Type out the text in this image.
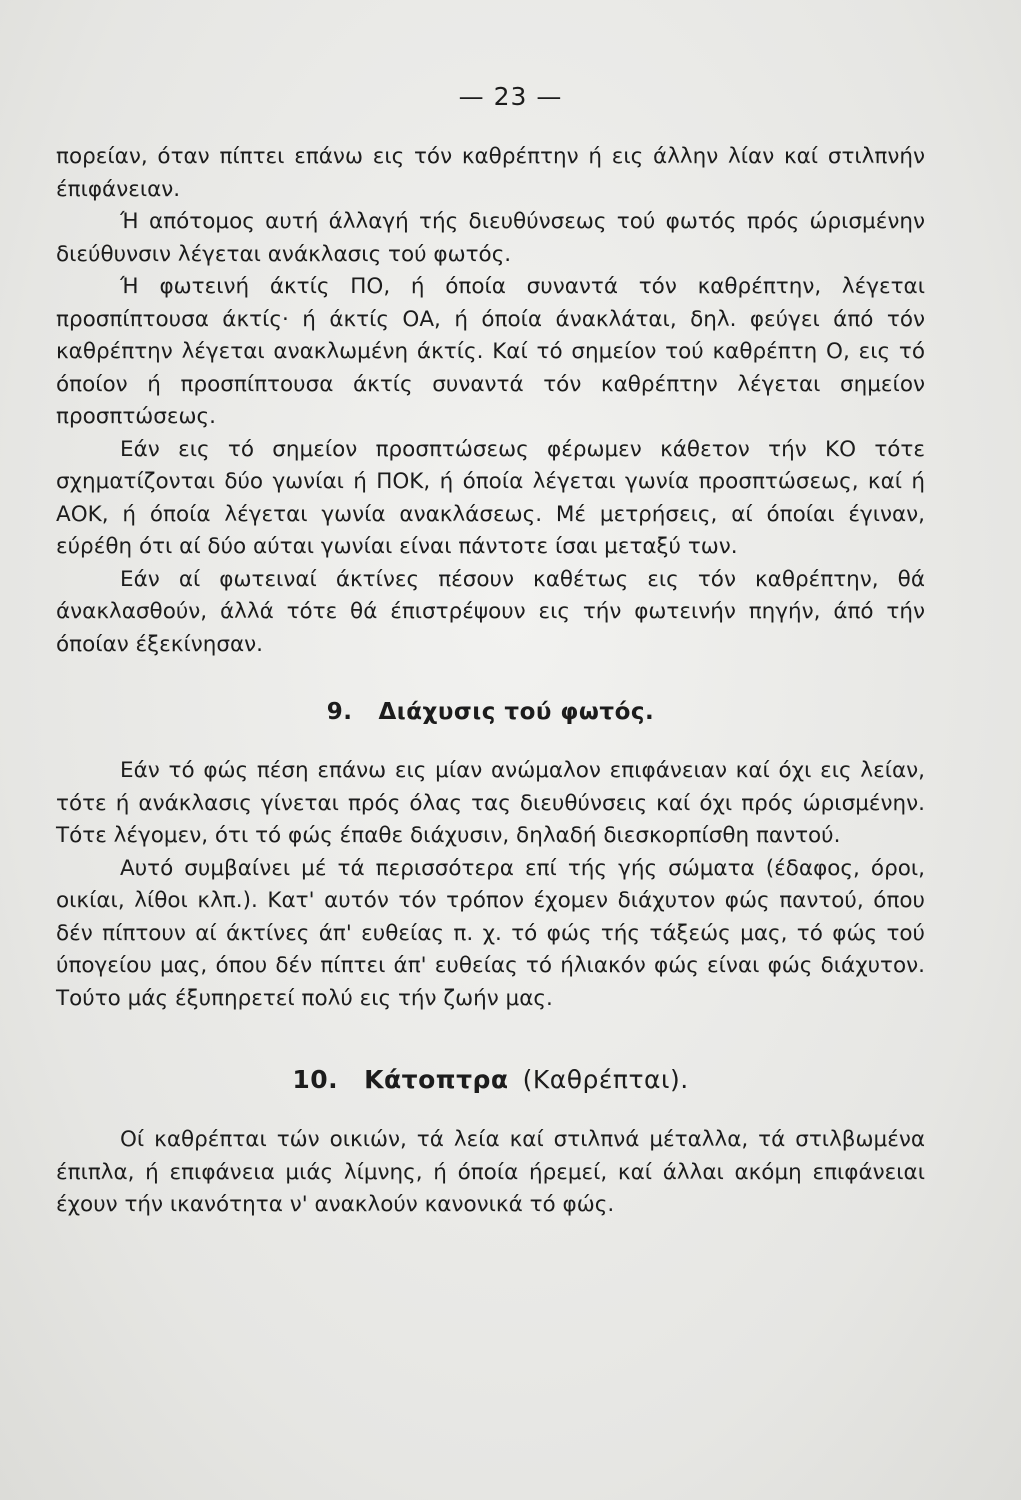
— 23 —

πορείαν, όταν πίπτει επάνω εις τόν καθρέπτην ή εις άλλην λίαν καί στιλπνήν έπιφάνειαν.

Ή απότομος αυτή άλλαγή τής διευθύνσεως τού φωτός πρός ώρισμένην διεύθυνσιν λέγεται ανάκλασις τού φωτός.

Ή φωτεινή άκτίς ΠΟ, ή όποία συναντά τόν καθρέπτην, λέγεται προσπίπτουσα άκτίς· ή άκτίς ΟΑ, ή όποία άνακλάται, δηλ. φεύγει άπό τόν καθρέπτην λέγεται ανακλωμένη άκτίς. Καί τό σημείον τού καθρέπτη Ο, εις τό όποίον ή προσπίπτουσα άκτίς συναντά τόν καθρέπτην λέγεται σημείον προσπτώσεως.

Εάν εις τό σημείον προσπτώσεως φέρωμεν κάθετον τήν ΚΟ τότε σχηματίζονται δύο γωνίαι ή ΠΟΚ, ή όποία λέγεται γωνία προσπτώσεως, καί ή ΑΟΚ, ή όποία λέγεται γωνία ανακλάσεως. Μέ μετρήσεις, αί όποίαι έγιναν, εύρέθη ότι αί δύο αύται γωνίαι είναι πάντοτε ίσαι μεταξύ των.

Εάν αί φωτειναί άκτίνες πέσουν καθέτως εις τόν καθρέπτην, θά άνακλασθούν, άλλά τότε θά έπιστρέψουν εις τήν φωτεινήν πηγήν, άπό τήν όποίαν έξεκίνησαν.

9. Διάχυσις τού φωτός.

Εάν τό φώς πέση επάνω εις μίαν ανώμαλον επιφάνειαν καί όχι εις λείαν, τότε ή ανάκλασις γίνεται πρός όλας τας διευθύνσεις καί όχι πρός ώρισμένην. Τότε λέγομεν, ότι τό φώς έπαθε διάχυσιν, δηλαδή διεσκορπίσθη παντού.

Αυτό συμβαίνει μέ τά περισσότερα επί τής γής σώματα (έδαφος, όροι, οικίαι, λίθοι κλπ.). Κατ' αυτόν τόν τρόπον έχομεν διάχυτον φώς παντού, όπου δέν πίπτουν αί άκτίνες άπ' ευθείας π. χ. τό φώς τής τάξεώς μας, τό φώς τού ύπογείου μας, όπου δέν πίπτει άπ' ευθείας τό ήλιακόν φώς είναι φώς διάχυτον. Τούτο μάς έξυπηρετεί πολύ εις τήν ζωήν μας.

10. Κάτοπτρα (Καθρέπται).

Οί καθρέπται τών οικιών, τά λεία καί στιλπνά μέταλλα, τά στιλβωμένα έπιπλα, ή επιφάνεια μιάς λίμνης, ή όποία ήρεμεί, καί άλλαι ακόμη επιφάνειαι έχουν τήν ικανότητα ν' ανακλούν κανονικά τό φώς.
